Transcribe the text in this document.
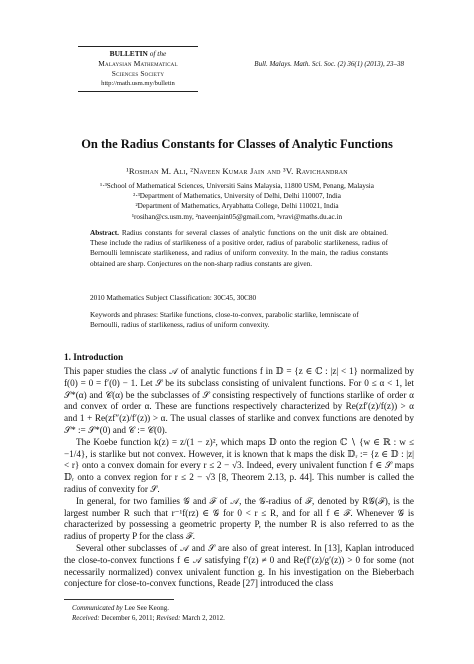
BULLETIN of the
Malaysian Mathematical
Sciences Society
http://math.usm.my/bulletin
Bull. Malays. Math. Sci. Soc. (2) 36(1) (2013), 23–38
On the Radius Constants for Classes of Analytic Functions
¹Rosihan M. Ali, ²Naveen Kumar Jain and ³V. Ravichandran
¹·³School of Mathematical Sciences, Universiti Sains Malaysia, 11800 USM, Penang, Malaysia
²·³Department of Mathematics, University of Delhi, Delhi 110007, India
²Department of Mathematics, Aryabhatta College, Delhi 110021, India
¹rosihan@cs.usm.my, ²naveenjain05@gmail.com, ³vravi@maths.du.ac.in
Abstract. Radius constants for several classes of analytic functions on the unit disk are obtained. These include the radius of starlikeness of a positive order, radius of parabolic starlikeness, radius of Bernoulli lemniscate starlikeness, and radius of uniform convexity. In the main, the radius constants obtained are sharp. Conjectures on the non-sharp radius constants are given.
2010 Mathematics Subject Classification: 30C45, 30C80
Keywords and phrases: Starlike functions, close-to-convex, parabolic starlike, lemniscate of Bernoulli, radius of starlikeness, radius of uniform convexity.
1. Introduction

This paper studies the class 𝒜 of analytic functions f in 𝔻 = {z ∈ ℂ : |z| < 1} normalized by f(0) = 0 = f′(0) − 1. Let 𝒮 be its subclass consisting of univalent functions. For 0 ≤ α < 1, let 𝒮*(α) and 𝒞(α) be the subclasses of 𝒮 consisting respectively of functions starlike of order α and convex of order α. These are functions respectively characterized by Re(zf′(z)/f(z)) > α and 1 + Re(zf″(z)/f′(z)) > α. The usual classes of starlike and convex functions are denoted by 𝒮* := 𝒮*(0) and 𝒞 := 𝒞(0).

The Koebe function k(z) = z/(1 − z)², which maps 𝔻 onto the region ℂ ∖ {w ∈ ℝ : w ≤ −1/4}, is starlike but not convex. However, it is known that k maps the disk 𝔻ᵣ := {z ∈ 𝔻 : |z| < r} onto a convex domain for every r ≤ 2 − √3. Indeed, every univalent function f ∈ 𝒮 maps 𝔻ᵣ onto a convex region for r ≤ 2 − √3 [8, Theorem 2.13, p. 44]. This number is called the radius of convexity for 𝒮.

In general, for two families 𝒢 and ℱ of 𝒜, the 𝒢-radius of ℱ, denoted by R𝒢(ℱ), is the largest number R such that r⁻¹f(rz) ∈ 𝒢 for 0 < r ≤ R, and for all f ∈ ℱ. Whenever 𝒢 is characterized by possessing a geometric property P, the number R is also referred to as the radius of property P for the class ℱ.

Several other subclasses of 𝒜 and 𝒮 are also of great interest. In [13], Kaplan introduced the close-to-convex functions f ∈ 𝒜 satisfying f′(z) ≠ 0 and Re(f′(z)/g′(z)) > 0 for some (not necessarily normalized) convex univalent function g. In his investigation on the Bieberbach conjecture for close-to-convex functions, Reade [27] introduced the class

Communicated by Lee See Keong.
Received: December 6, 2011; Revised: March 2, 2012.
